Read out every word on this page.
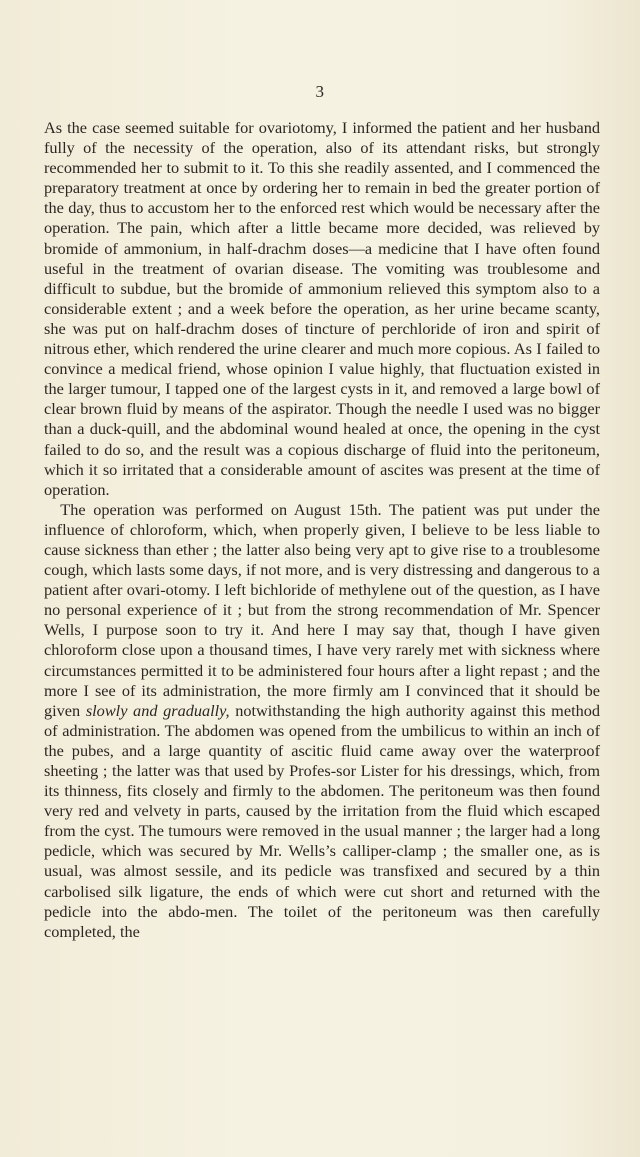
3

As the case seemed suitable for ovariotomy, I informed the patient and her husband fully of the necessity of the operation, also of its attendant risks, but strongly recommended her to submit to it. To this she readily assented, and I commenced the preparatory treatment at once by ordering her to remain in bed the greater portion of the day, thus to accustom her to the enforced rest which would be necessary after the operation. The pain, which after a little became more decided, was relieved by bromide of ammonium, in half-drachm doses—a medicine that I have often found useful in the treatment of ovarian disease. The vomiting was troublesome and difficult to subdue, but the bromide of ammonium relieved this symptom also to a considerable extent ; and a week before the operation, as her urine became scanty, she was put on half-drachm doses of tincture of perchloride of iron and spirit of nitrous ether, which rendered the urine clearer and much more copious. As I failed to convince a medical friend, whose opinion I value highly, that fluctuation existed in the larger tumour, I tapped one of the largest cysts in it, and removed a large bowl of clear brown fluid by means of the aspirator. Though the needle I used was no bigger than a duck-quill, and the abdominal wound healed at once, the opening in the cyst failed to do so, and the result was a copious discharge of fluid into the peritoneum, which it so irritated that a considerable amount of ascites was present at the time of operation.

 The operation was performed on August 15th. The patient was put under the influence of chloroform, which, when properly given, I believe to be less liable to cause sickness than ether ; the latter also being very apt to give rise to a troublesome cough, which lasts some days, if not more, and is very distressing and dangerous to a patient after ovari-otomy. I left bichloride of methylene out of the question, as I have no personal experience of it ; but from the strong recommendation of Mr. Spencer Wells, I purpose soon to try it. And here I may say that, though I have given chloroform close upon a thousand times, I have very rarely met with sickness where circumstances permitted it to be administered four hours after a light repast ; and the more I see of its administration, the more firmly am I convinced that it should be given slowly and gradually, notwithstanding the high authority against this method of administration. The abdomen was opened from the umbilicus to within an inch of the pubes, and a large quantity of ascitic fluid came away over the waterproof sheeting ; the latter was that used by Profes-sor Lister for his dressings, which, from its thinness, fits closely and firmly to the abdomen. The peritoneum was then found very red and velvety in parts, caused by the irritation from the fluid which escaped from the cyst. The tumours were removed in the usual manner ; the larger had a long pedicle, which was secured by Mr. Wells’s calliper-clamp ; the smaller one, as is usual, was almost sessile, and its pedicle was transfixed and secured by a thin carbolised silk ligature, the ends of which were cut short and returned with the pedicle into the abdo-men. The toilet of the peritoneum was then carefully completed, the
